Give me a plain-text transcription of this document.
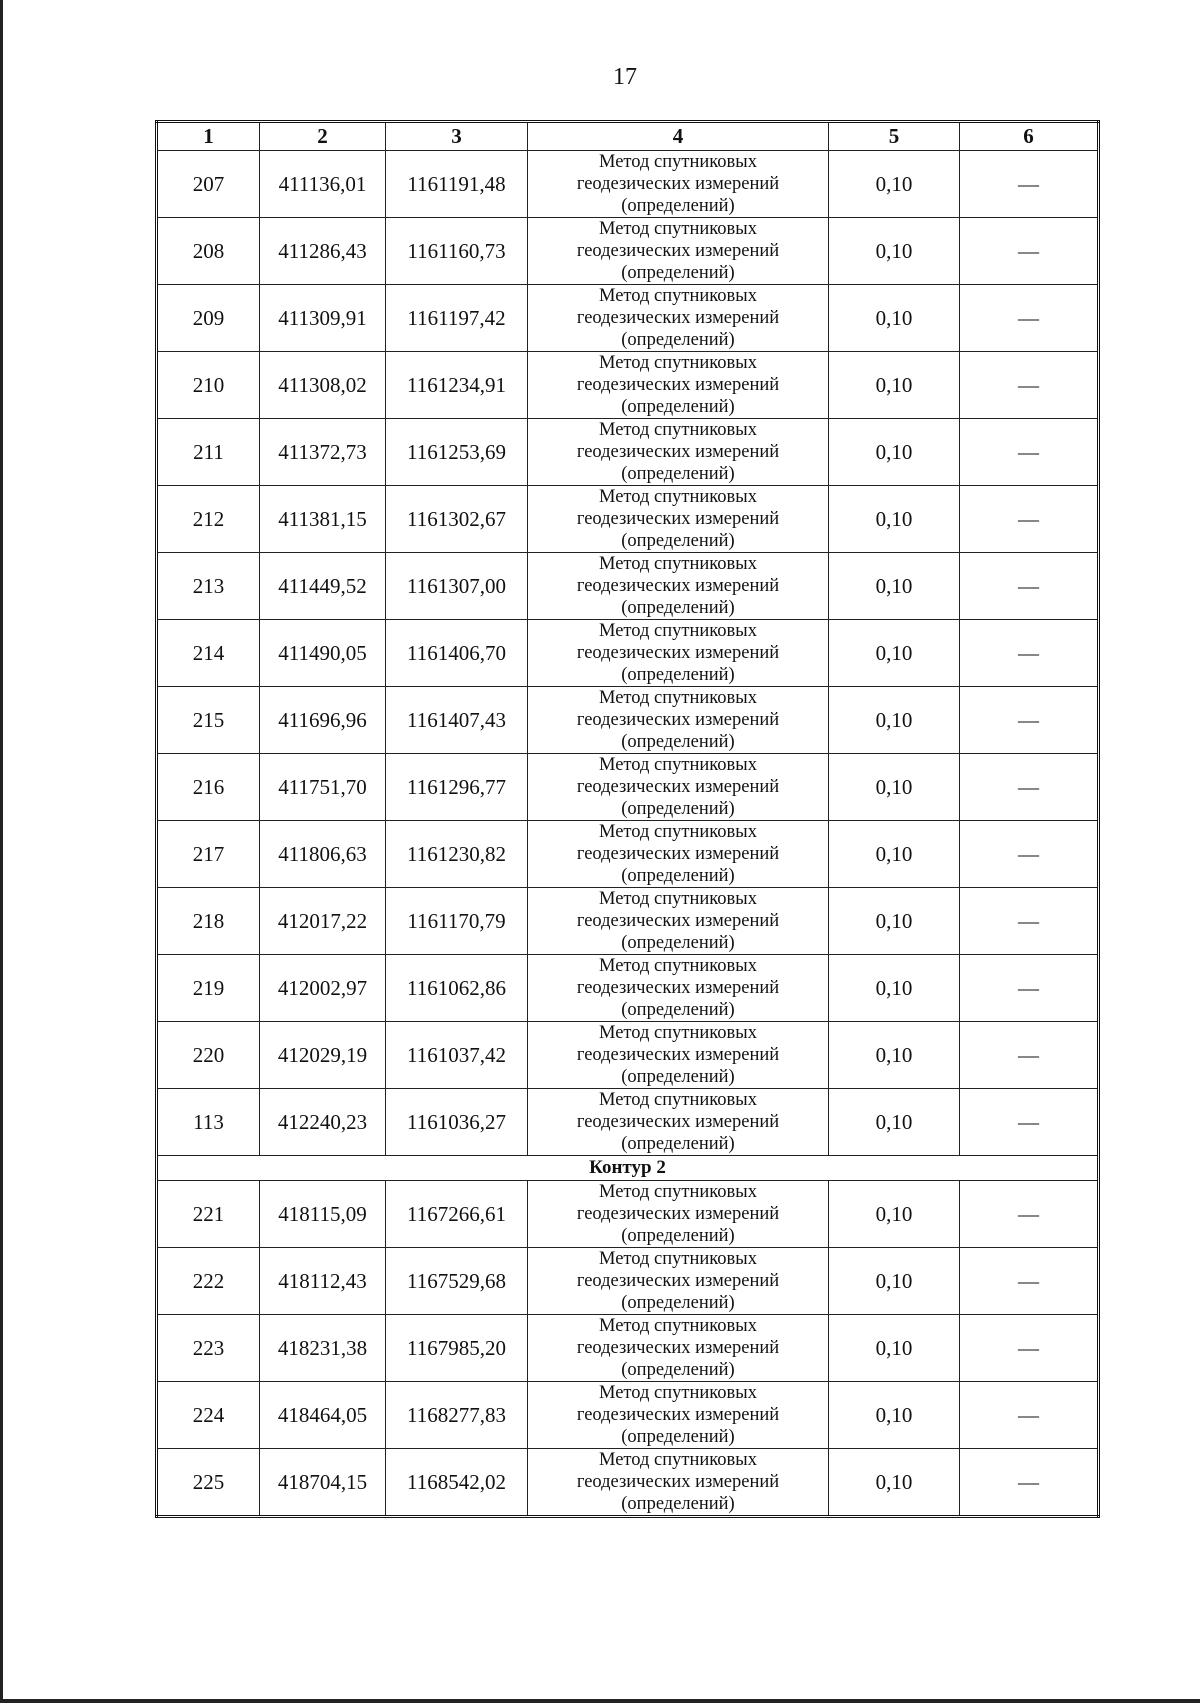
17
1	2	3	4	5	6
207	411136,01	1161191,48	Метод спутниковых
геодезических измерений
(определений)	0,10	—
208	411286,43	1161160,73	Метод спутниковых
геодезических измерений
(определений)	0,10	—
209	411309,91	1161197,42	Метод спутниковых
геодезических измерений
(определений)	0,10	—
210	411308,02	1161234,91	Метод спутниковых
геодезических измерений
(определений)	0,10	—
211	411372,73	1161253,69	Метод спутниковых
геодезических измерений
(определений)	0,10	—
212	411381,15	1161302,67	Метод спутниковых
геодезических измерений
(определений)	0,10	—
213	411449,52	1161307,00	Метод спутниковых
геодезических измерений
(определений)	0,10	—
214	411490,05	1161406,70	Метод спутниковых
геодезических измерений
(определений)	0,10	—
215	411696,96	1161407,43	Метод спутниковых
геодезических измерений
(определений)	0,10	—
216	411751,70	1161296,77	Метод спутниковых
геодезических измерений
(определений)	0,10	—
217	411806,63	1161230,82	Метод спутниковых
геодезических измерений
(определений)	0,10	—
218	412017,22	1161170,79	Метод спутниковых
геодезических измерений
(определений)	0,10	—
219	412002,97	1161062,86	Метод спутниковых
геодезических измерений
(определений)	0,10	—
220	412029,19	1161037,42	Метод спутниковых
геодезических измерений
(определений)	0,10	—
113	412240,23	1161036,27	Метод спутниковых
геодезических измерений
(определений)	0,10	—
Контур 2					
221	418115,09	1167266,61	Метод спутниковых
геодезических измерений
(определений)	0,10	—
222	418112,43	1167529,68	Метод спутниковых
геодезических измерений
(определений)	0,10	—
223	418231,38	1167985,20	Метод спутниковых
геодезических измерений
(определений)	0,10	—
224	418464,05	1168277,83	Метод спутниковых
геодезических измерений
(определений)	0,10	—
225	418704,15	1168542,02	Метод спутниковых
геодезических измерений
(определений)	0,10	—
